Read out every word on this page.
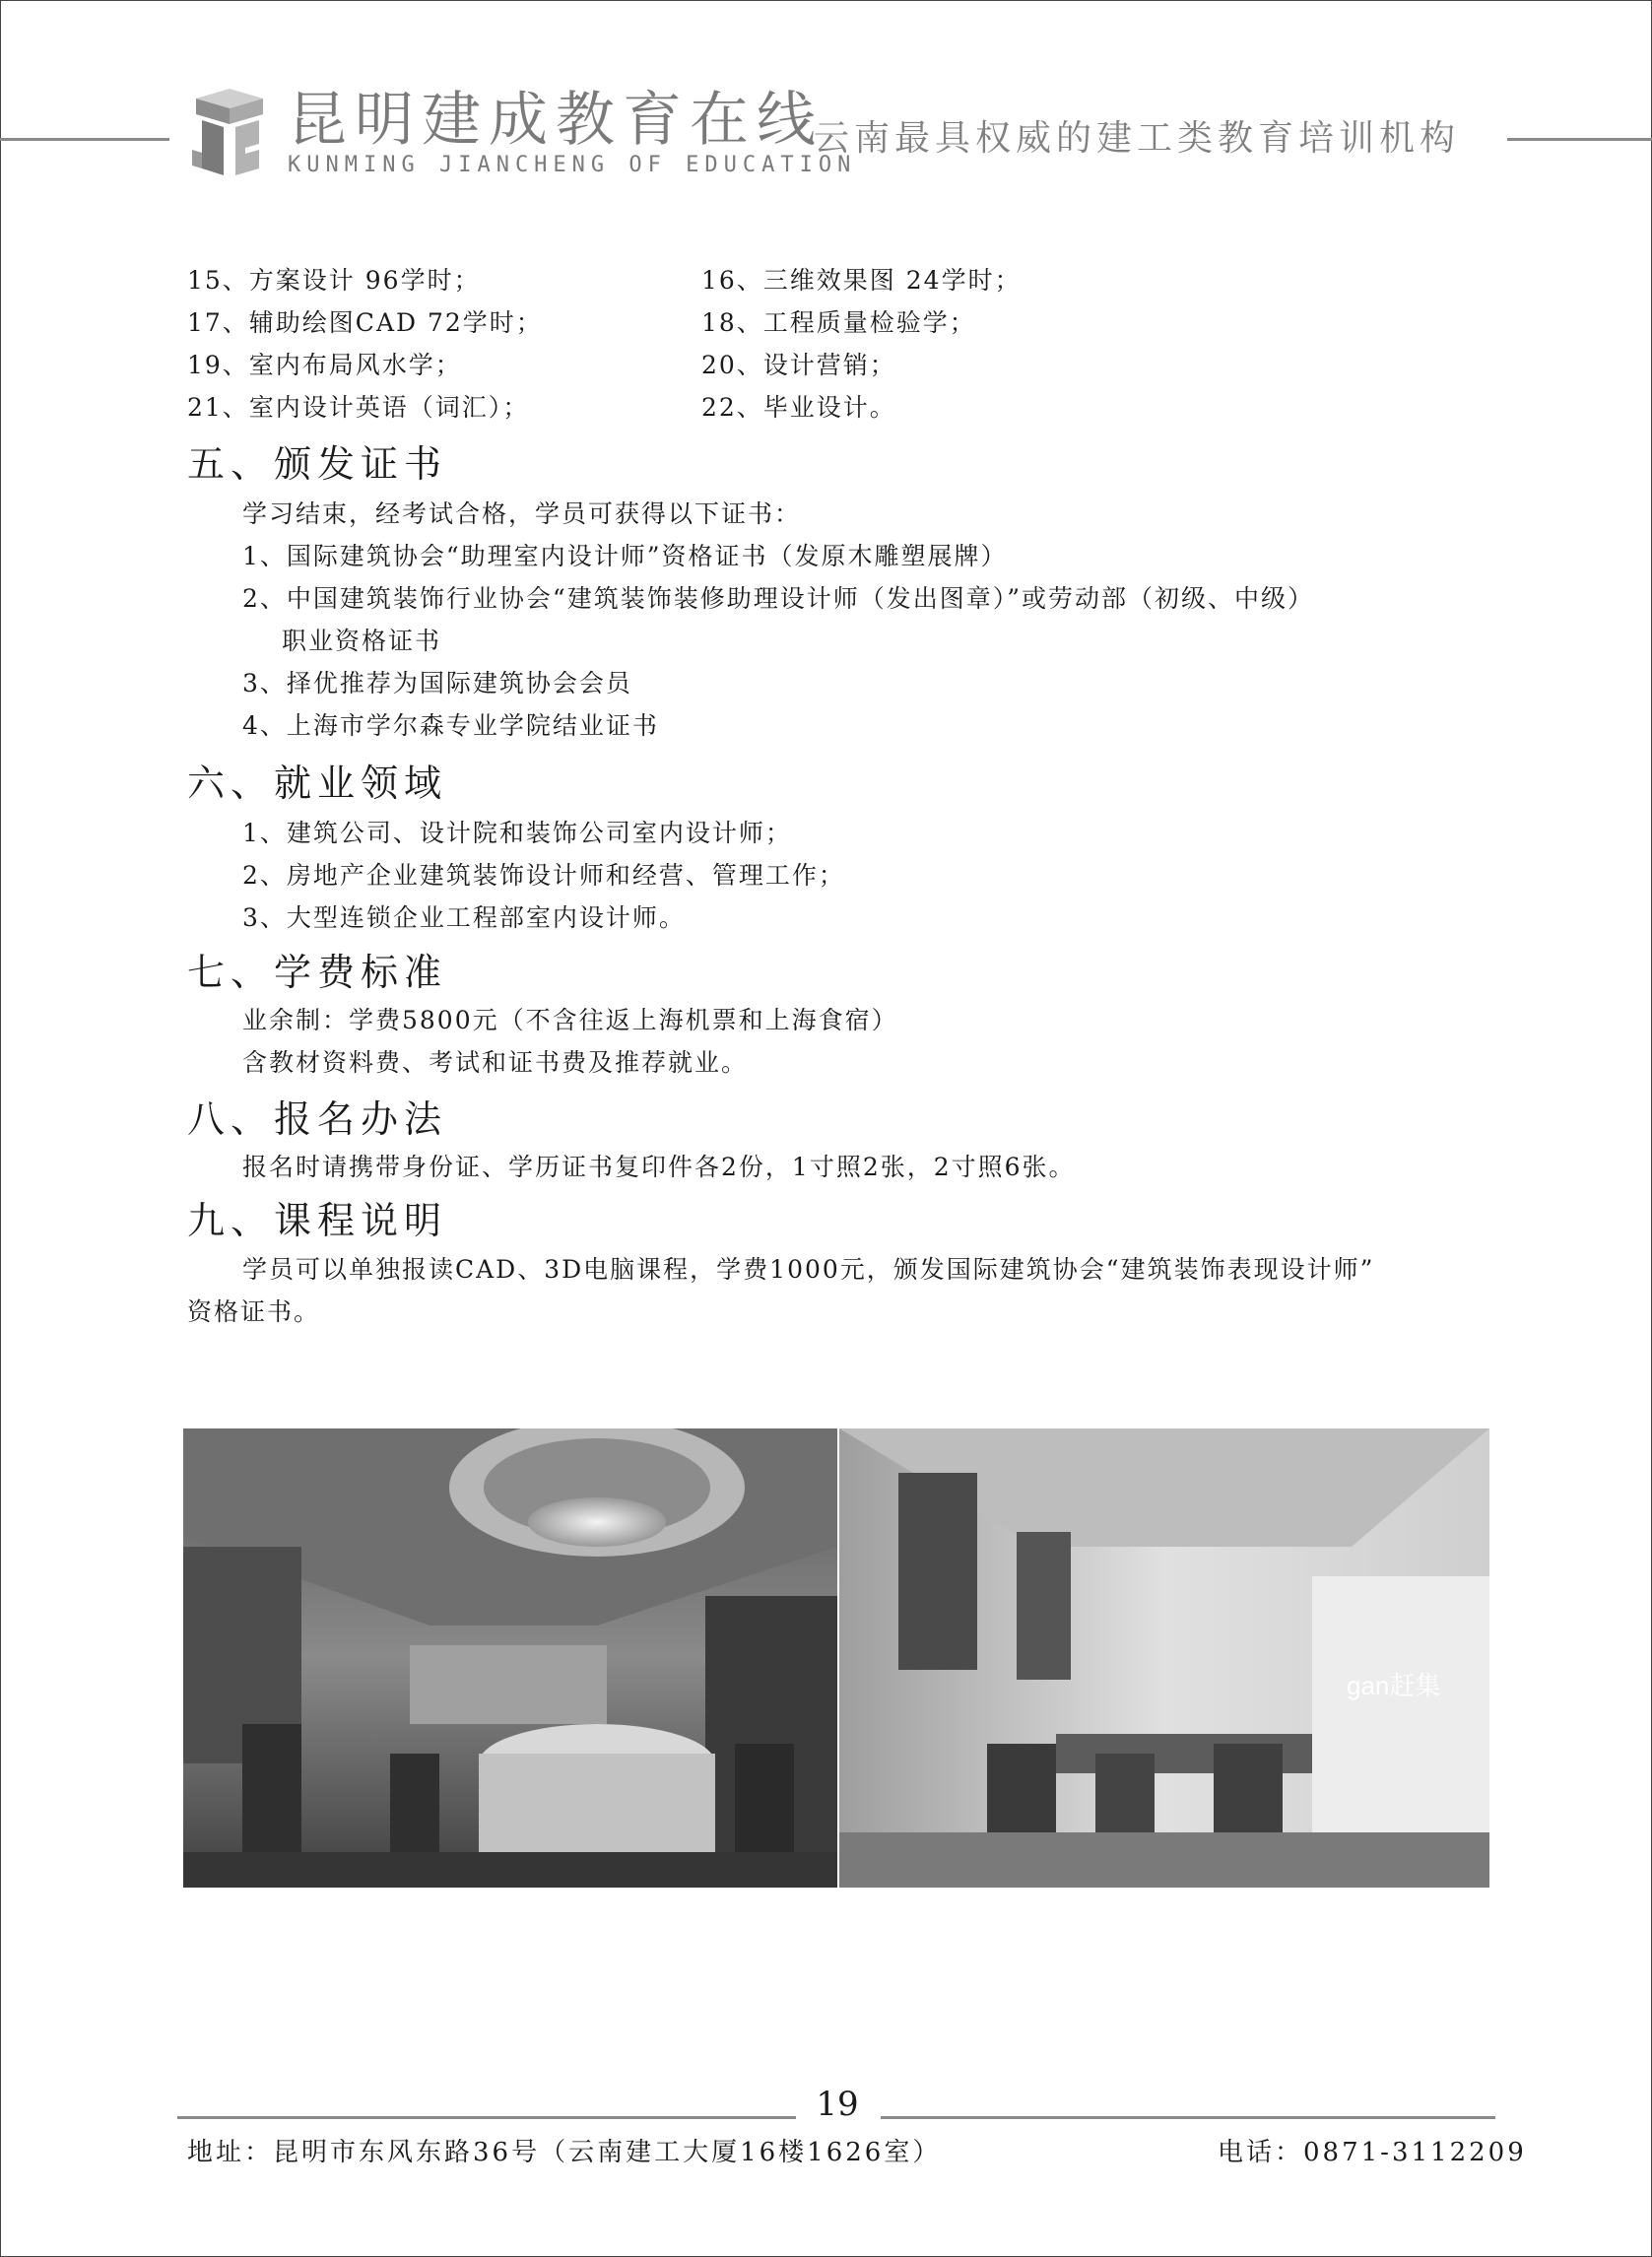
昆明建成教育在线
KUNMING JIANCHENG OF EDUCATION
云南最具权威的建工类教育培训机构
15、方案设计 96学时；	16、三维效果图 24学时；
17、辅助绘图CAD 72学时；	18、工程质量检验学；
19、室内布局风水学；	20、设计营销；
21、室内设计英语（词汇）；	22、毕业设计。
五、颁发证书
学习结束，经考试合格，学员可获得以下证书：
1、国际建筑协会“助理室内设计师”资格证书（发原木雕塑展牌）
2、中国建筑装饰行业协会“建筑装饰装修助理设计师（发出图章）”或劳动部（初级、中级）
职业资格证书
3、择优推荐为国际建筑协会会员
4、上海市学尔森专业学院结业证书
六、就业领域
1、建筑公司、设计院和装饰公司室内设计师；
2、房地产企业建筑装饰设计师和经营、管理工作；
3、大型连锁企业工程部室内设计师。
七、学费标准
业余制：学费5800元（不含往返上海机票和上海食宿）
含教材资料费、考试和证书费及推荐就业。
八、报名办法
报名时请携带身份证、学历证书复印件各2份，1寸照2张，2寸照6张。
九、课程说明
学员可以单独报读CAD、3D电脑课程，学费1000元，颁发国际建筑协会“建筑装饰表现设计师”
资格证书。
gan赶集
19
地址：昆明市东风东路36号（云南建工大厦16楼1626室）	电话：0871-3112209
